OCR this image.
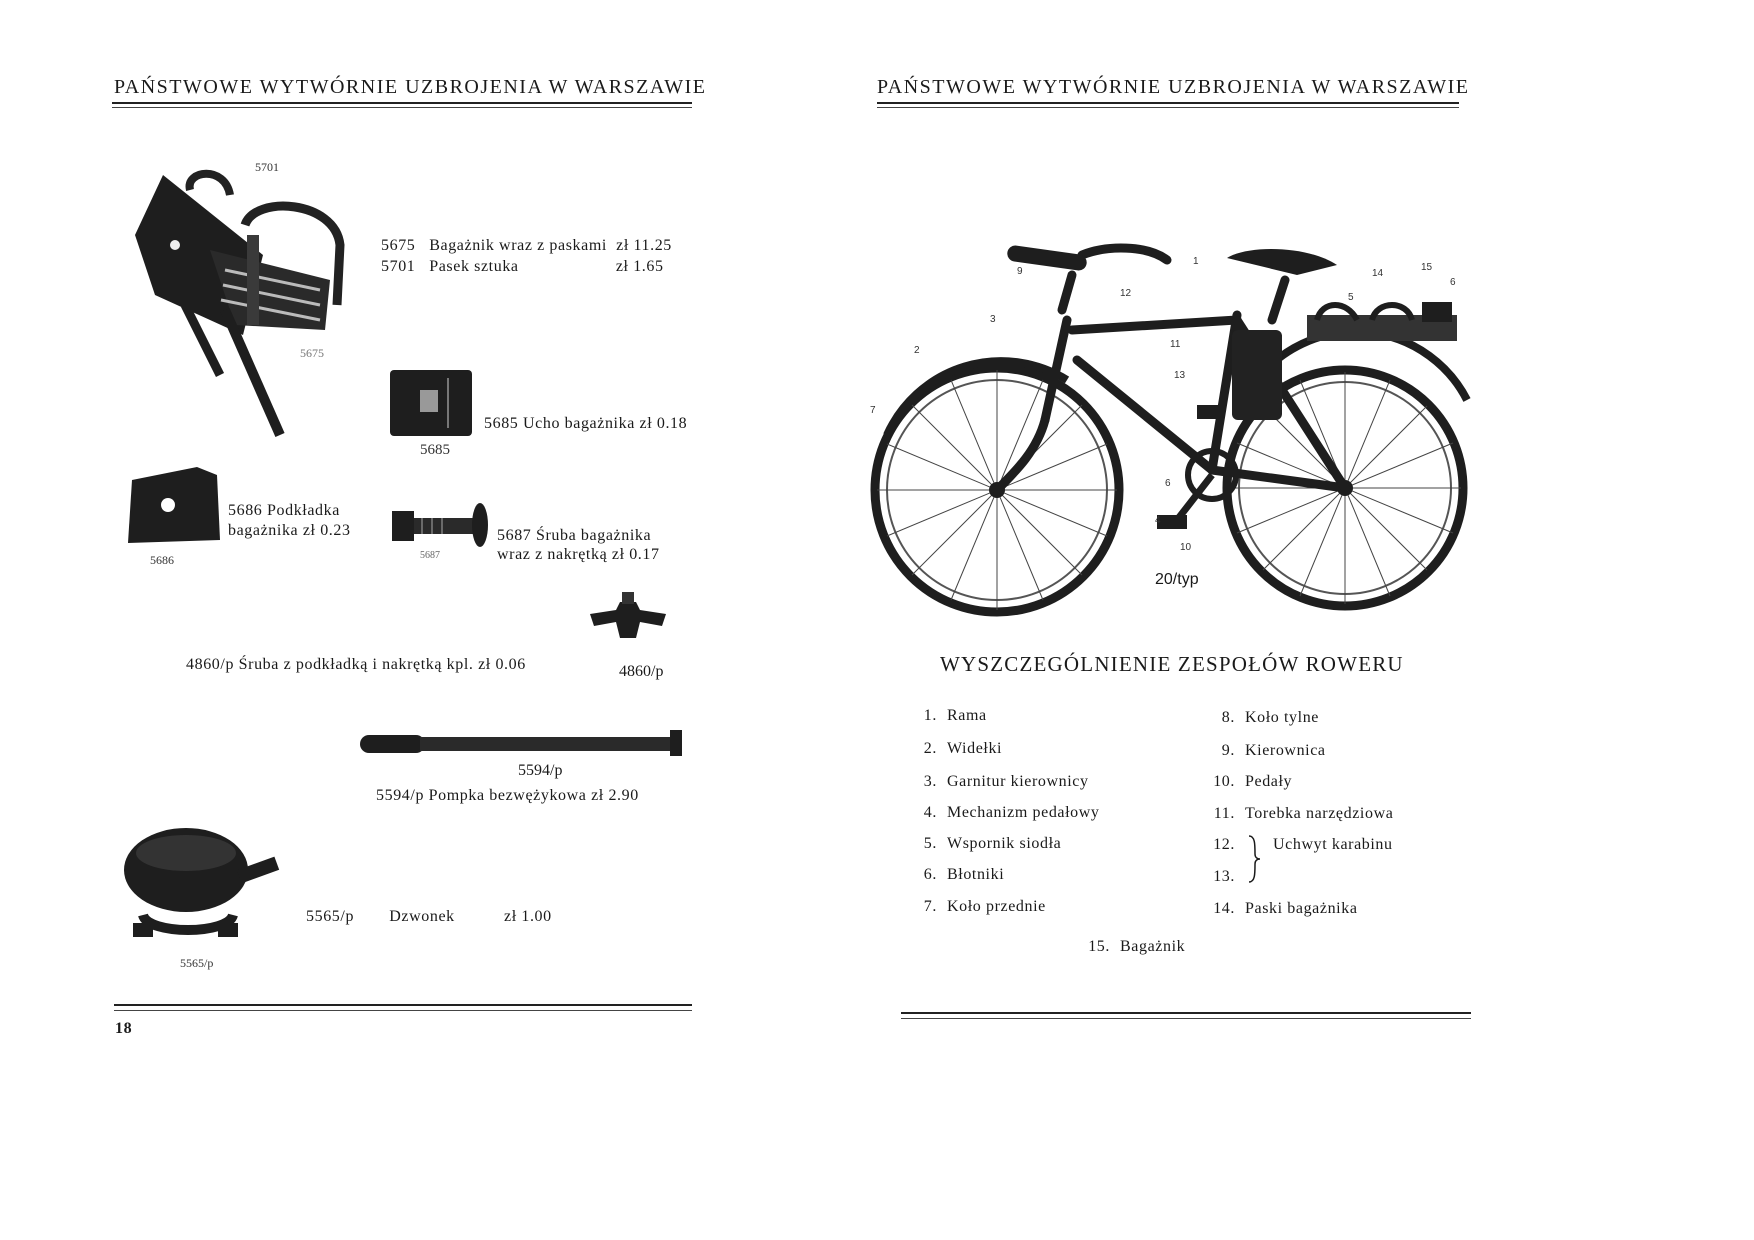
PAŃSTWOWE WYTWÓRNIE UZBROJENIA W WARSZAWIE
5701
5675
5675 Bagażnik wraz z paskami zł 11.25
5701 Pasek sztuka	zł 1.65
5685
5685 Ucho bagażnika zł 0.18
5686
5686 Podkładka
bagażnika zł 0.23
5687
5687 Śruba bagażnika
wraz z nakrętką zł 0.17
4860/p Śruba z podkładką i nakrętką kpl. zł 0.06	4860/p
5594/p
5594/p Pompka bezwężykowa zł 2.90
5565/p
5565/p Dzwonek	zł 1.00
18
PAŃSTWOWE WYTWÓRNIE UZBROJENIA W WARSZAWIE
1
2
3
4
5
6
7
9
10
11
12
13
14
15
6
20/typ
WYSZCZEGÓLNIENIE ZESPOŁÓW ROWERU
1. Rama
2. Widełki
3. Garnitur kierownicy
4. Mechanizm pedałowy
5. Wspornik siodła
6. Błotniki
7. Koło przednie
8. Koło tylne
9. Kierownica
10. Pedały
11. Torebka narzędziowa
12.
13.
14. Paski bagażnika
Uchwyt karabinu
15. Bagażnik
